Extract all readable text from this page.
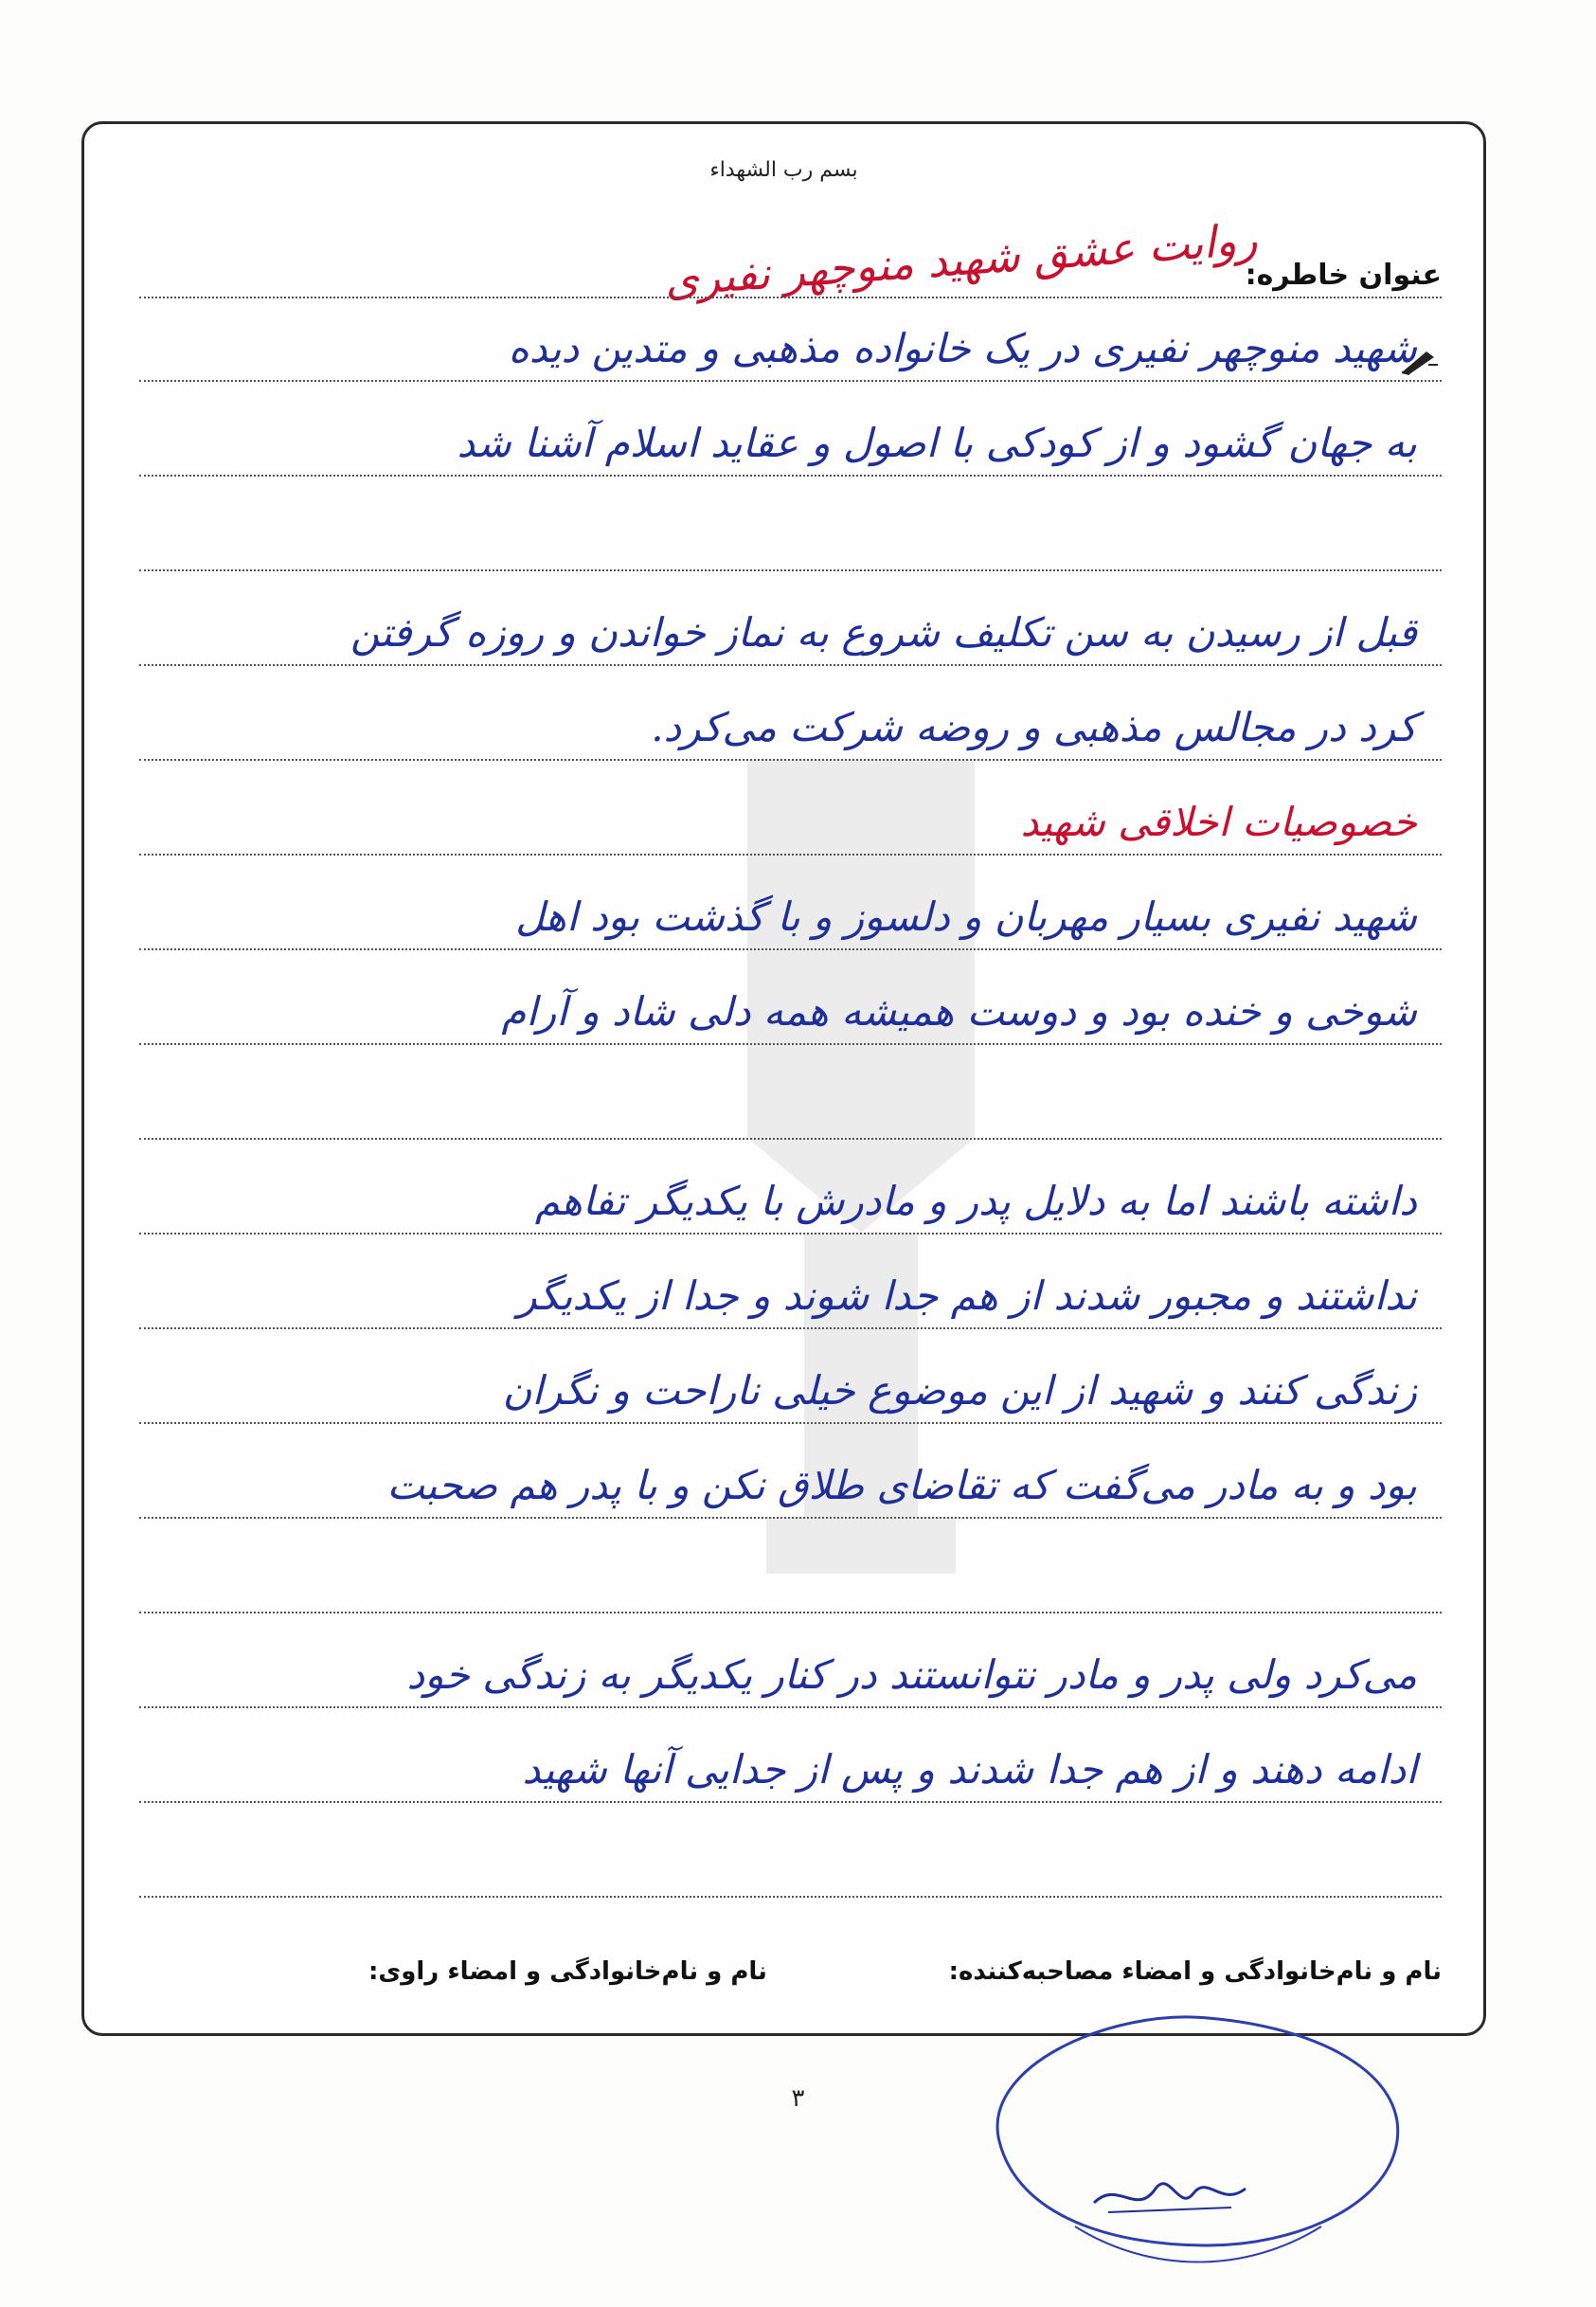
بسم رب الشهداء
عنوان خاطره:
روایت عشق شهید منوچهر نفیری
شهید منوچهر نفیری در یک خانواده مذهبی و متدین دیده
به جهان گشود و از کودکی با اصول و عقاید اسلام آشنا شد
قبل از رسیدن به سن تکلیف شروع به نماز خواندن و روزه گرفتن
کرد در مجالس مذهبی و روضه شرکت می‌کرد.
خصوصیات اخلاقی شهید
شهید نفیری بسیار مهربان و دلسوز و با گذشت بود اهل
شوخی و خنده بود و دوست همیشه همه دلی شاد و آرام
داشته باشند اما به دلایل پدر و مادرش با یکدیگر تفاهم
نداشتند و مجبور شدند از هم جدا شوند و جدا از یکدیگر
زندگی کنند و شهید از این موضوع خیلی ناراحت و نگران
بود و به مادر می‌گفت که تقاضای طلاق نکن و با پدر هم صحبت
می‌کرد ولی پدر و مادر نتوانستند در کنار یکدیگر به زندگی خود
ادامه دهند و از هم جدا شدند و پس از جدایی آنها شهید
نام و نام‌خانوادگی و امضاء مصاحبه‌کننده:
نام و نام‌خانوادگی و امضاء راوی:
۳
